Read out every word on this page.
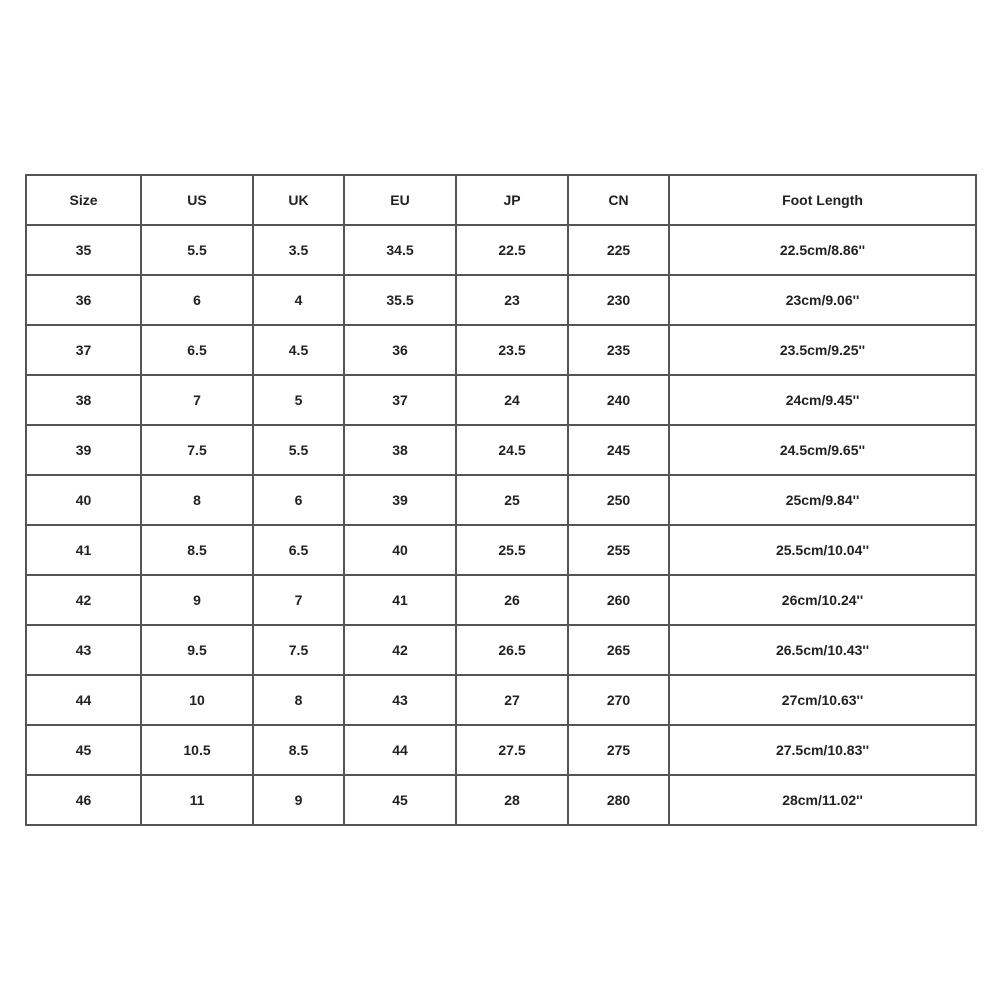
Size	US	UK	EU	JP	CN	Foot Length
35	5.5	3.5	34.5	22.5	225	22.5cm/8.86''
36	6	4	35.5	23	230	23cm/9.06''
37	6.5	4.5	36	23.5	235	23.5cm/9.25''
38	7	5	37	24	240	24cm/9.45''
39	7.5	5.5	38	24.5	245	24.5cm/9.65''
40	8	6	39	25	250	25cm/9.84''
41	8.5	6.5	40	25.5	255	25.5cm/10.04''
42	9	7	41	26	260	26cm/10.24''
43	9.5	7.5	42	26.5	265	26.5cm/10.43''
44	10	8	43	27	270	27cm/10.63''
45	10.5	8.5	44	27.5	275	27.5cm/10.83''
46	11	9	45	28	280	28cm/11.02''
